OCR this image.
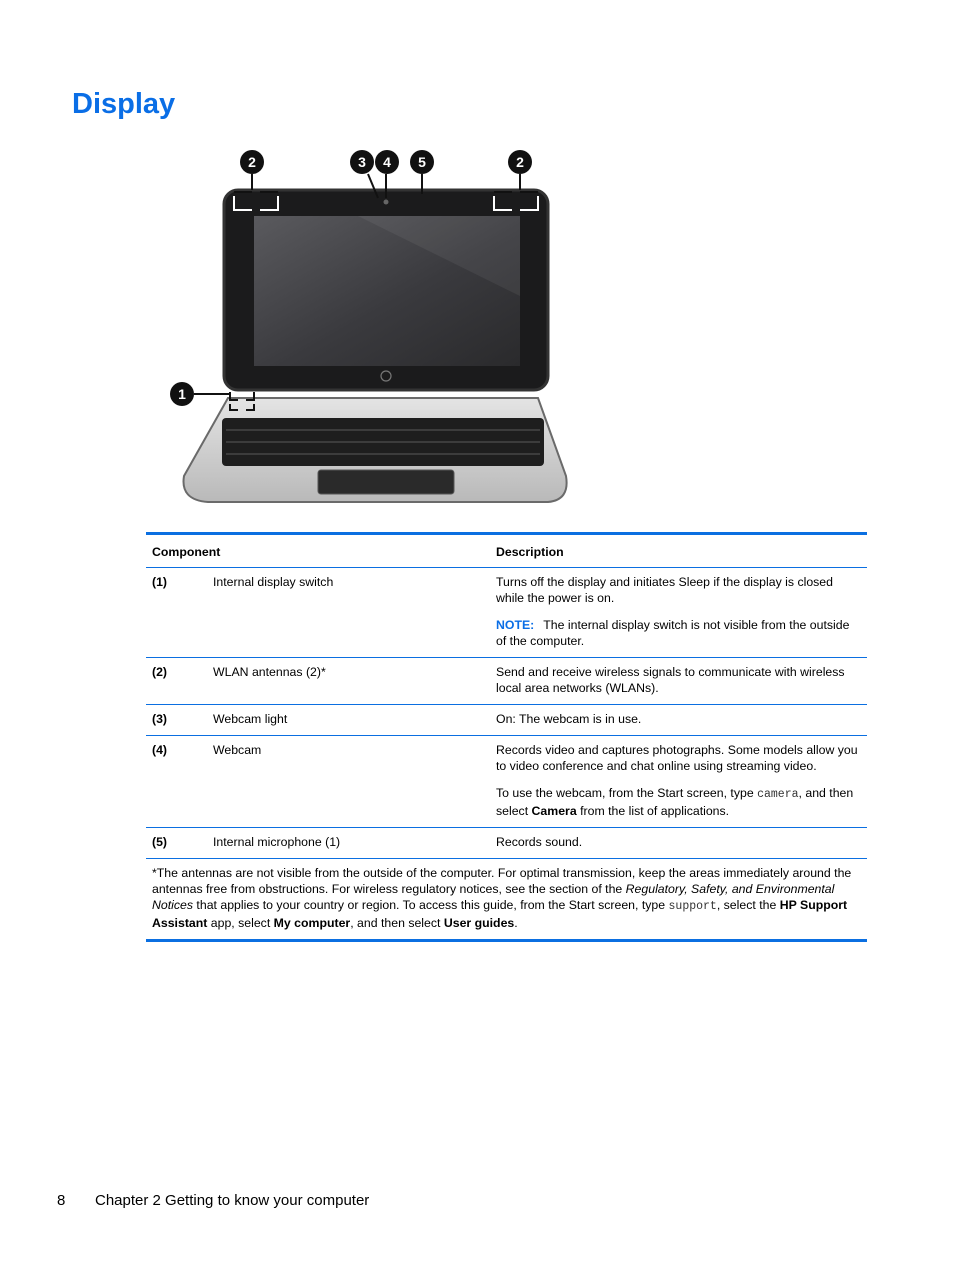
Display
2	3 4 5	2
1
Component		Description
(1)	Internal display switch	Turns off the display and initiates Sleep if the display is closed while the power is on.

NOTE: The internal display switch is not visible from the outside of the computer.

(2)	WLAN antennas (2)*	Send and receive wireless signals to communicate with wireless local area networks (WLANs).

(3)	Webcam light	On: The webcam is in use.

(4)	Webcam	Records video and captures photographs. Some models allow you to video conference and chat online using streaming video.

To use the webcam, from the Start screen, type camera, and then select Camera from the list of applications.

(5)	Internal microphone (1)	Records sound.

*The antennas are not visible from the outside of the computer. For optimal transmission, keep the areas immediately around the antennas free from obstructions. For wireless regulatory notices, see the section of the Regulatory, Safety, and Environmental Notices that applies to your country or region. To access this guide, from the Start screen, type support, select the HP Support Assistant app, select My computer, and then select User guides.		
8 Chapter 2 Getting to know your computer
